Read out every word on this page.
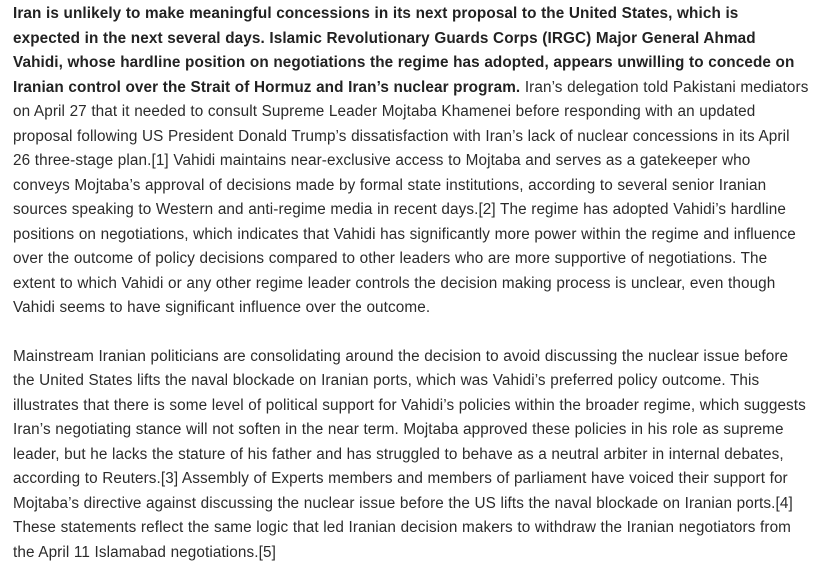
Iran is unlikely to make meaningful concessions in its next proposal to the United States, which is expected in the next several days. Islamic Revolutionary Guards Corps (IRGC) Major General Ahmad Vahidi, whose hardline position on negotiations the regime has adopted, appears unwilling to concede on Iranian control over the Strait of Hormuz and Iran’s nuclear program. Iran’s delegation told Pakistani mediators on April 27 that it needed to consult Supreme Leader Mojtaba Khamenei before responding with an updated proposal following US President Donald Trump’s dissatisfaction with Iran’s lack of nuclear concessions in its April 26 three-stage plan.[1] Vahidi maintains near-exclusive access to Mojtaba and serves as a gatekeeper who conveys Mojtaba’s approval of decisions made by formal state institutions, according to several senior Iranian sources speaking to Western and anti-regime media in recent days.[2] The regime has adopted Vahidi’s hardline positions on negotiations, which indicates that Vahidi has significantly more power within the regime and influence over the outcome of policy decisions compared to other leaders who are more supportive of negotiations. The extent to which Vahidi or any other regime leader controls the decision making process is unclear, even though Vahidi seems to have significant influence over the outcome.

Mainstream Iranian politicians are consolidating around the decision to avoid discussing the nuclear issue before the United States lifts the naval blockade on Iranian ports, which was Vahidi’s preferred policy outcome. This illustrates that there is some level of political support for Vahidi’s policies within the broader regime, which suggests Iran’s negotiating stance will not soften in the near term. Mojtaba approved these policies in his role as supreme leader, but he lacks the stature of his father and has struggled to behave as a neutral arbiter in internal debates, according to Reuters.[3] Assembly of Experts members and members of parliament have voiced their support for Mojtaba’s directive against discussing the nuclear issue before the US lifts the naval blockade on Iranian ports.[4] These statements reflect the same logic that led Iranian decision makers to withdraw the Iranian negotiators from the April 11 Islamabad negotiations.[5]
